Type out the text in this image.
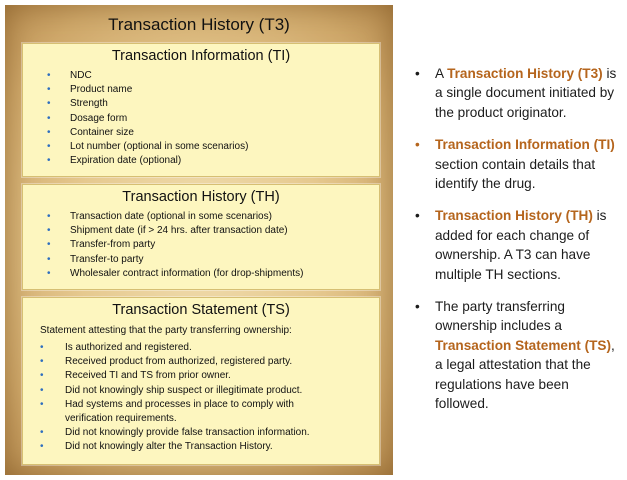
Transaction History (T3)
Transaction Information (TI)
• NDC
• Product name
• Strength
• Dosage form
• Container size
• Lot number (optional in some scenarios)
• Expiration date (optional)
Transaction History (TH)
• Transaction date (optional in some scenarios)
• Shipment date (if > 24 hrs. after transaction date)
• Transfer-from party
• Transfer-to party
• Wholesaler contract information (for drop-shipments)
Transaction Statement (TS)
Statement attesting that the party transferring ownership:
• Is authorized and registered.
• Received product from authorized, registered party.
• Received TI and TS from prior owner.
• Did not knowingly ship suspect or illegitimate product.
• Had systems and processes in place to comply with
verification requirements.
• Did not knowingly provide false transaction information.
• Did not knowingly alter the Transaction History.
• A Transaction History (T3) is a single document initiated by the product originator.
• Transaction Information (TI) section contain details that identify the drug.
• Transaction History (TH) is added for each change of ownership. A T3 can have multiple TH sections.
• The party transferring ownership includes a Transaction Statement (TS), a legal attestation that the regulations have been followed.
